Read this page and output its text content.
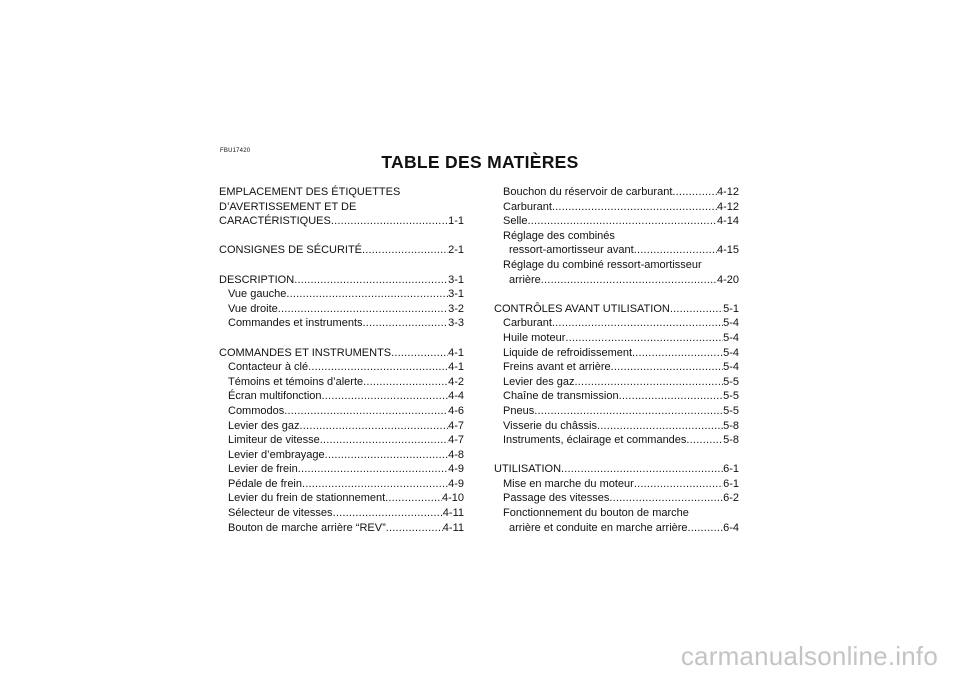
FBU17420
TABLE DES MATIÈRES
EMPLACEMENT DES ÉTIQUETTES
D’AVERTISSEMENT ET DE
CARACTÉRISTIQUES .....	1-1
CONSIGNES DE SÉCURITÉ .....	2-1
DESCRIPTION .....	3-1
Vue gauche .....	3-1
Vue droite .....	3-2
Commandes et instruments .....	3-3
COMMANDES ET INSTRUMENTS .....	4-1
Contacteur à clé .....	4-1
Témoins et témoins d’alerte .....	4-2
Écran multifonction .....	4-4
Commodos .....	4-6
Levier des gaz .....	4-7
Limiteur de vitesse .....	4-7
Levier d’embrayage .....	4-8
Levier de frein .....	4-9
Pédale de frein .....	4-9
Levier du frein de stationnement .....	4-10
Sélecteur de vitesses .....	4-11
Bouton de marche arrière “REV” .....	4-11
Bouchon du réservoir de carburant .....	4-12
Carburant .....	4-12
Selle .....	4-14
Réglage des combinés
ressort-amortisseur avant .....	4-15
Réglage du combiné ressort-amortisseur
arrière .....	4-20
CONTRÔLES AVANT UTILISATION .....	5-1
Carburant .....	5-4
Huile moteur .....	5-4
Liquide de refroidissement .....	5-4
Freins avant et arrière .....	5-4
Levier des gaz .....	5-5
Chaîne de transmission .....	5-5
Pneus .....	5-5
Visserie du châssis .....	5-8
Instruments, éclairage et commandes .....	5-8
UTILISATION .....	6-1
Mise en marche du moteur .....	6-1
Passage des vitesses .....	6-2
Fonctionnement du bouton de marche
arrière et conduite en marche arrière .....	6-4
carmanualsonline.info
